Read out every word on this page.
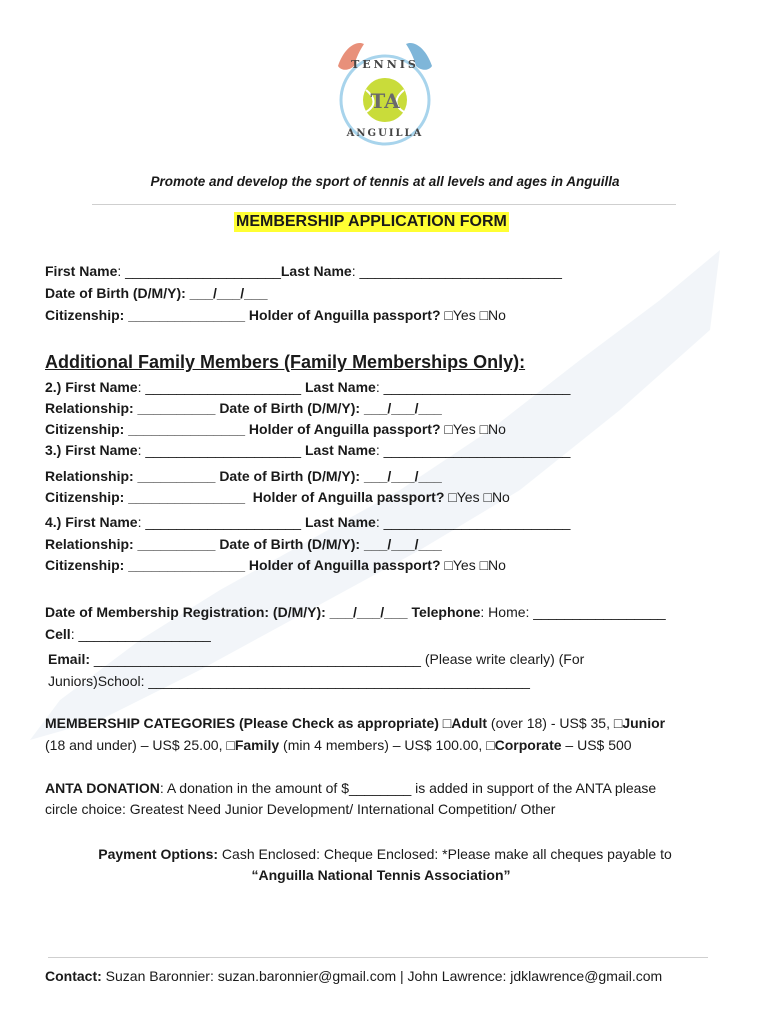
TA
TENNIS
ANGUILLA
Promote and develop the sport of tennis at all levels and ages in Anguilla
MEMBERSHIP APPLICATION FORM
First Name: ____________________Last Name: __________________________
Date of Birth (D/M/Y): ___/___/___
Citizenship: _______________ Holder of Anguilla passport? □Yes □No
Additional Family Members (Family Memberships Only):
2.) First Name: ____________________ Last Name: ________________________
Relationship: __________ Date of Birth (D/M/Y): ___/___/___
Citizenship: _______________ Holder of Anguilla passport? □Yes □No
3.) First Name: ____________________ Last Name: ________________________
Relationship: __________ Date of Birth (D/M/Y): ___/___/___
Citizenship: _______________ Holder of Anguilla passport? □Yes □No
4.) First Name: ____________________ Last Name: ________________________
Relationship: __________ Date of Birth (D/M/Y): ___/___/___
Citizenship: _______________ Holder of Anguilla passport? □Yes □No
Date of Membership Registration: (D/M/Y): ___/___/___ Telephone: Home: _________________
Cell: _________________
Email: __________________________________________ (Please write clearly) (For
Juniors)School: _________________________________________________
MEMBERSHIP CATEGORIES (Please Check as appropriate) □Adult (over 18) - US$ 35, □Junior
(18 and under) – US$ 25.00, □Family (min 4 members) – US$ 100.00, □Corporate – US$ 500
ANTA DONATION: A donation in the amount of $________ is added in support of the ANTA please
circle choice: Greatest Need Junior Development/ International Competition/ Other
Payment Options: Cash Enclosed: Cheque Enclosed: *Please make all cheques payable to
“Anguilla National Tennis Association”
Contact: Suzan Baronnier: suzan.baronnier@gmail.com | John Lawrence: jdklawrence@gmail.com
